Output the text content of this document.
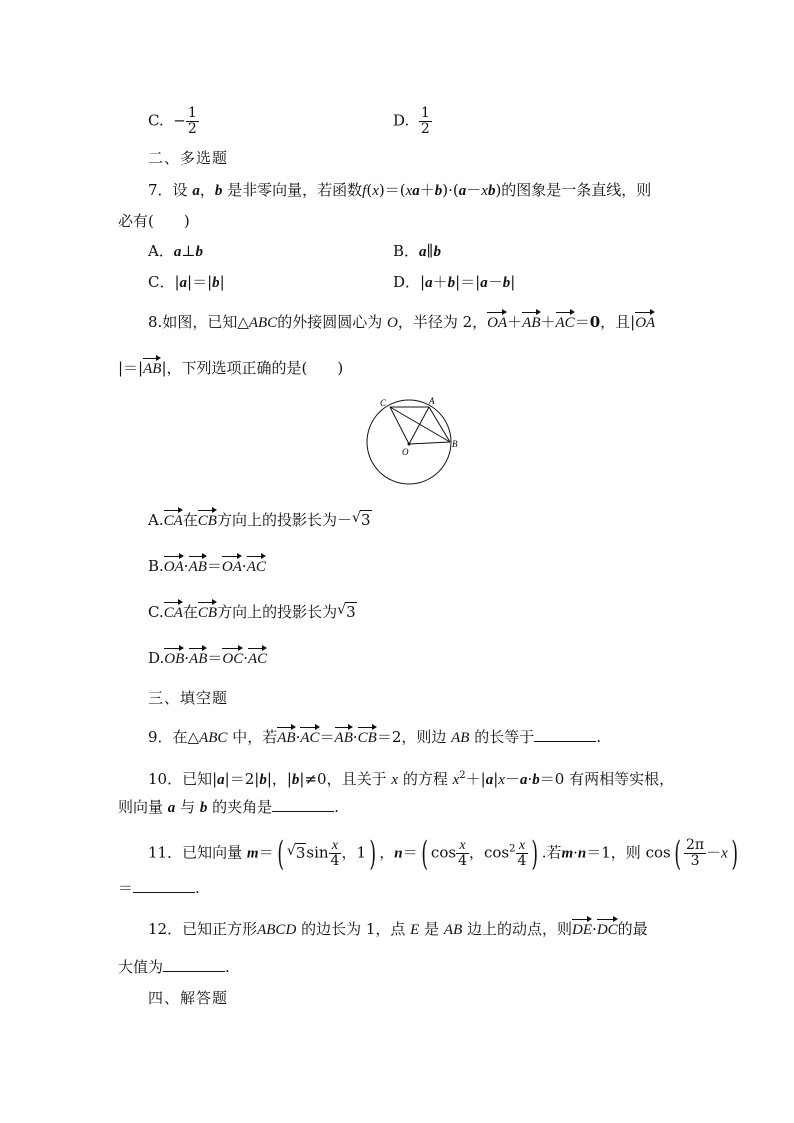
C. − $\frac{1}{2}$	D. $\frac{1}{2}$
二、多选题
7．设 a，b 是非零向量，若函数f(x)＝(xa＋b)·(a－xb)的图象是一条直线，则
必有(　　)
A．a⊥b	B．a∥b
C．|a|＝|b|	D．|a＋b|＝|a－b|
8.如图，已知△ABC的外接圆圆心为 O，半径为 2，OA＋AB＋AC＝0，且|OA
|＝|AB|，下列选项正确的是(　　)
C	A
B
O
A.CA在CB方向上的投影长为－ √ 3
B.OA·AB＝OA·AC
C.CA在CB方向上的投影长为 √ 3
D.OB·AB＝OC·AC
三、填空题
9．在△ABC 中，若AB·AC＝AB·CB＝2，则边 AB 的长等于	.
10．已知|a|＝2|b|，|b|≠0，且关于 x 的方程 $x^2+|a|x-a\cdot b=0$ 有两相等实根，
则向量 a 与 b 的夹角是	.
11．已知向量 m＝( √ $3\sin \frac{x}{4}$ ，1) ，n＝( $\cos \frac{x}{4}$ ，$\cos^2 \frac{x}{4}$ ) .若m·n＝1，则 $\cos( \frac{2\pi}{3} -x)$
＝	.
12．已知正方形ABCD 的边长为 1，点 E 是 AB 边上的动点，则DE·DC的最
大值为	.
四、解答题
